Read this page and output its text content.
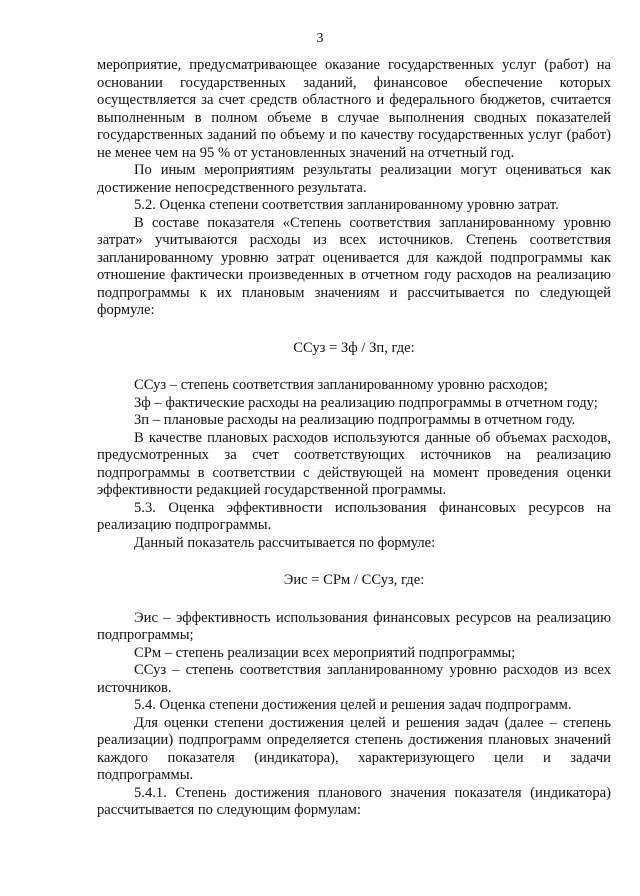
3

мероприятие, предусматривающее оказание государственных услуг (работ) на основании государственных заданий, финансовое обеспечение которых осуществляется за счет средств областного и федерального бюджетов, считается выполненным в полном объеме в случае выполнения сводных показателей государственных заданий по объему и по качеству государственных услуг (работ) не менее чем на 95 % от установленных значений на отчетный год.

По иным мероприятиям результаты реализации могут оцениваться как достижение непосредственного результата.

5.2. Оценка степени соответствия запланированному уровню затрат.

В составе показателя «Степень соответствия запланированному уровню затрат» учитываются расходы из всех источников. Степень соответствия запланированному уровню затрат оценивается для каждой подпрограммы как отношение фактически произведенных в отчетном году расходов на реализацию подпрограммы к их плановым значениям и рассчитывается по следующей формуле:

ССуз = Зф / Зп, где:

ССуз – степень соответствия запланированному уровню расходов;

Зф – фактические расходы на реализацию подпрограммы в отчетном году;

Зп – плановые расходы на реализацию подпрограммы в отчетном году.

В качестве плановых расходов используются данные об объемах расходов, предусмотренных за счет соответствующих источников на реализацию подпрограммы в соответствии с действующей на момент проведения оценки эффективности редакцией государственной программы.

5.3. Оценка эффективности использования финансовых ресурсов на реализацию подпрограммы.

Данный показатель рассчитывается по формуле:

Эис = СРм / ССуз, где:

Эис – эффективность использования финансовых ресурсов на реализацию подпрограммы;

СРм – степень реализации всех мероприятий подпрограммы;

ССуз – степень соответствия запланированному уровню расходов из всех источников.

5.4. Оценка степени достижения целей и решения задач подпрограмм.

Для оценки степени достижения целей и решения задач (далее – степень реализации) подпрограмм определяется степень достижения плановых значений каждого показателя (индикатора), характеризующего цели и задачи подпрограммы.

5.4.1. Степень достижения планового значения показателя (индикатора) рассчитывается по следующим формулам:
